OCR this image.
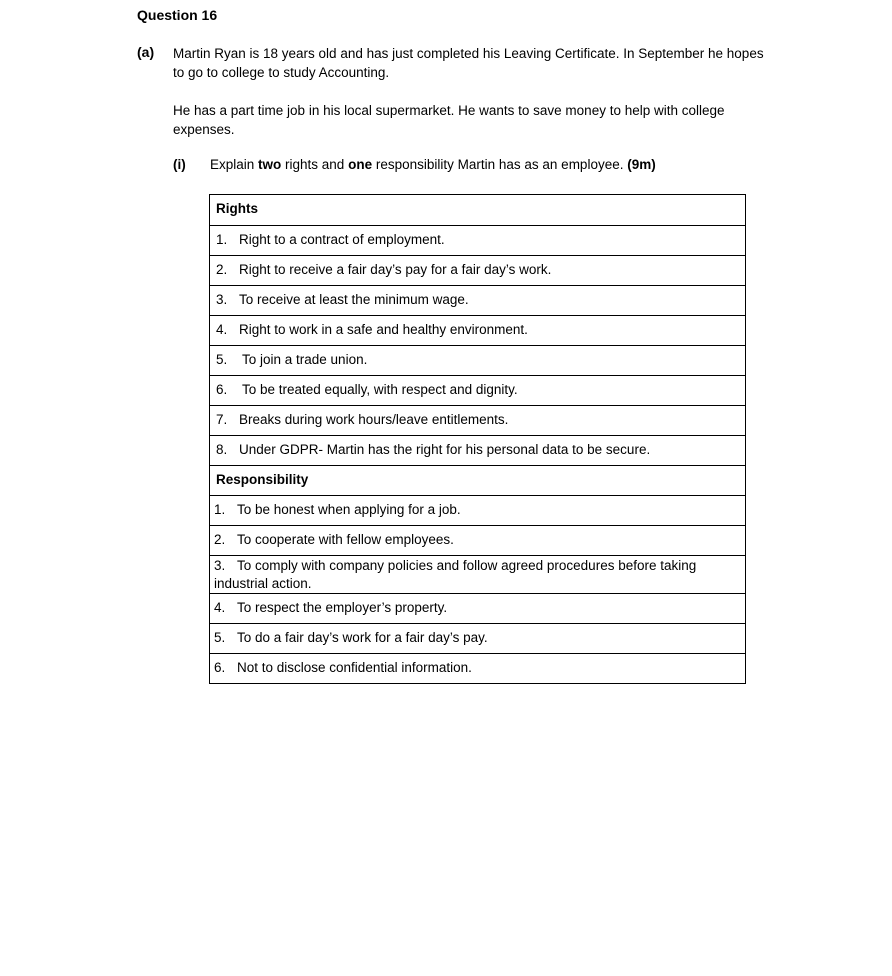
Question 16
(a) Martin Ryan is 18 years old and has just completed his Leaving Certificate. In September he hopes to go to college to study Accounting.
He has a part time job in his local supermarket. He wants to save money to help with college expenses.
(i) Explain two rights and one responsibility Martin has as an employee. (9m)
Rights
1. Right to a contract of employment.
2. Right to receive a fair day’s pay for a fair day’s work.
3. To receive at least the minimum wage.
4. Right to work in a safe and healthy environment.
5. To join a trade union.
6. To be treated equally, with respect and dignity.
7. Breaks during work hours/leave entitlements.
8. Under GDPR- Martin has the right for his personal data to be secure.
Responsibility
1. To be honest when applying for a job.
2. To cooperate with fellow employees.
3. To comply with company policies and follow agreed procedures before taking industrial action.
4. To respect the employer’s property.
5. To do a fair day’s work for a fair day’s pay.
6. Not to disclose confidential information.
